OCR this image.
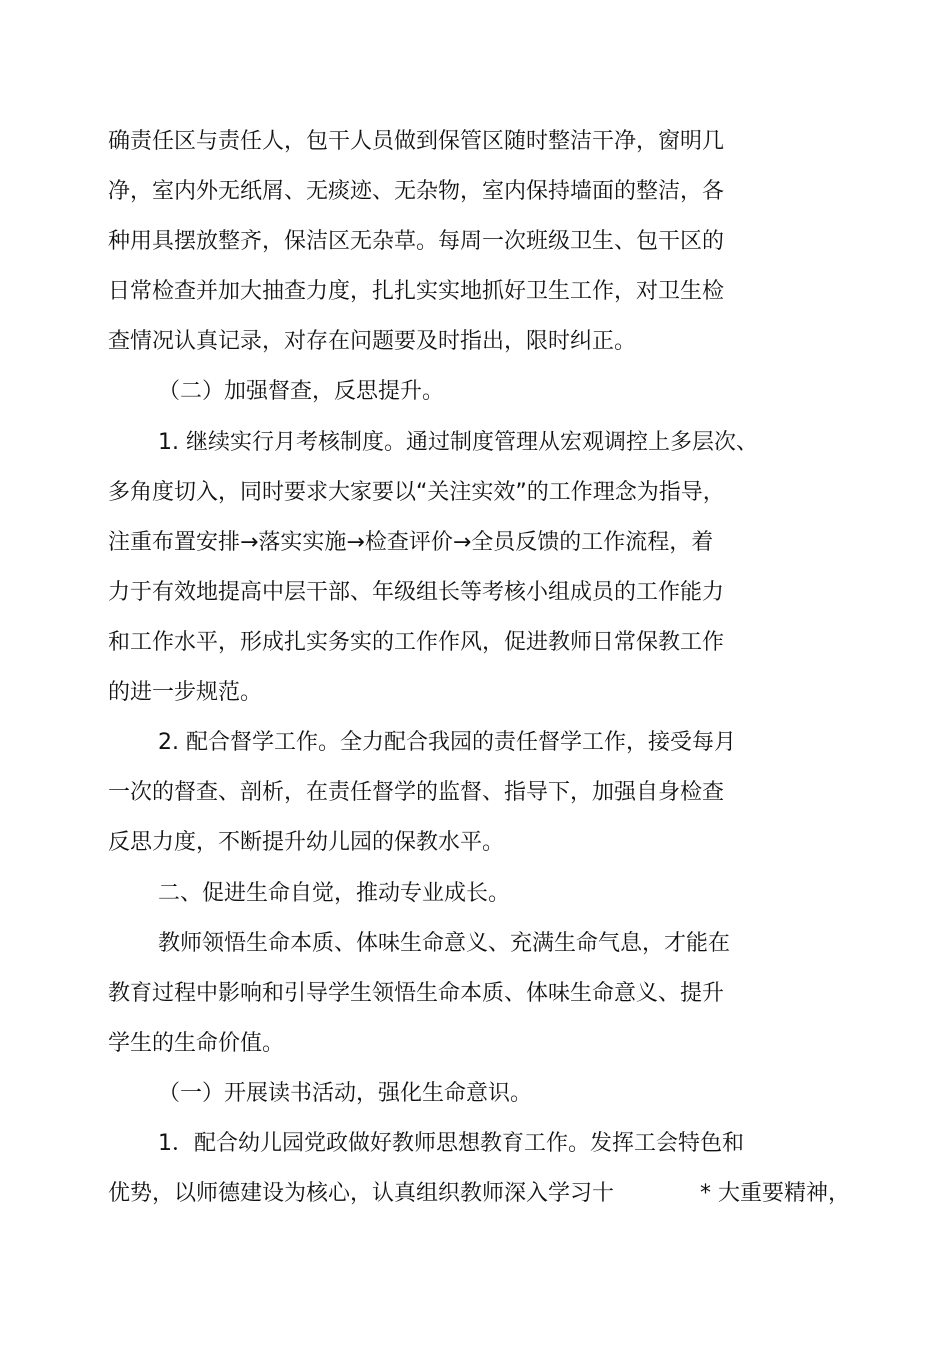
确责任区与责任人，包干人员做到保管区随时整洁干净，窗明几
净，室内外无纸屑、无痰迹、无杂物，室内保持墙面的整洁，各
种用具摆放整齐，保洁区无杂草。每周一次班级卫生、包干区的
日常检查并加大抽查力度，扎扎实实地抓好卫生工作，对卫生检
查情况认真记录，对存在问题要及时指出，限时纠正。
（二）加强督查，反思提升。
1. 继续实行月考核制度。通过制度管理从宏观调控上多层次、
多角度切入，同时要求大家要以“关注实效”的工作理念为指导，
注重布置安排→落实实施→检查评价→全员反馈的工作流程，着
力于有效地提高中层干部、年级组长等考核小组成员的工作能力
和工作水平，形成扎实务实的工作作风，促进教师日常保教工作
的进一步规范。
2. 配合督学工作。全力配合我园的责任督学工作，接受每月
一次的督查、剖析，在责任督学的监督、指导下，加强自身检查
反思力度，不断提升幼儿园的保教水平。
二、促进生命自觉，推动专业成长。
教师领悟生命本质、体味生命意义、充满生命气息，才能在
教育过程中影响和引导学生领悟生命本质、体味生命意义、提升
学生的生命价值。
（一）开展读书活动，强化生命意识。
1．配合幼儿园党政做好教师思想教育工作。发挥工会特色和
优势，以师德建设为核心，认真组织教师深入学习十	* 大重要精神，
